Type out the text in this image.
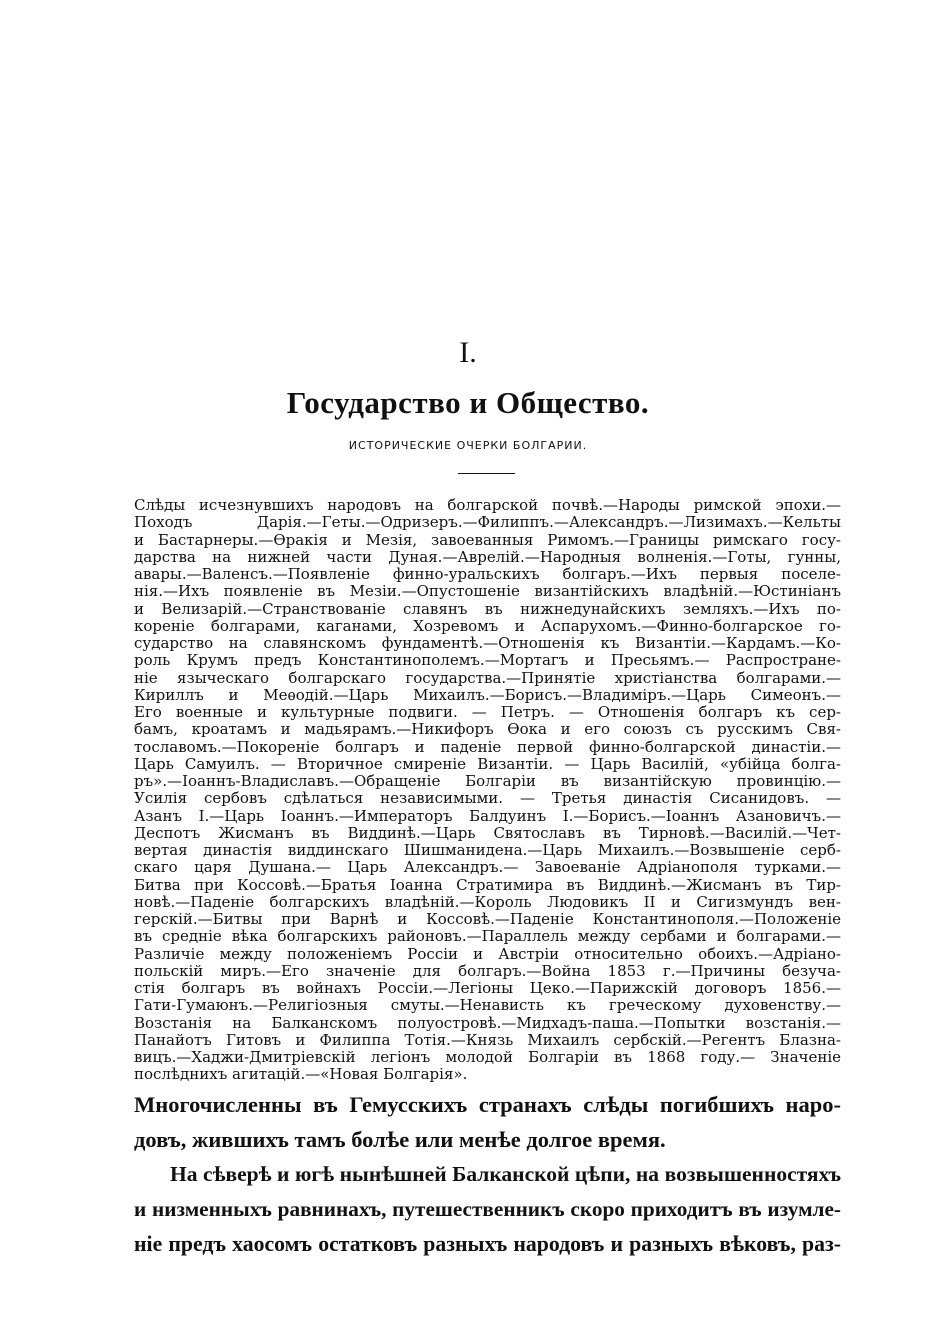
I.
Государство и Общество.
ИСТОРИЧЕСКИЕ ОЧЕРКИ БОЛГАРИИ.
Слѣды исчезнувшихъ народовъ на болгарской почвѣ.—Народы римской эпохи.—
Походъ Дарія.—Геты.—Одризеръ.—Филиппъ.—Александръ.—Лизимахъ.—Кельты
и Бастарнеры.—Ѳракія и Мезія, завоеванныя Римомъ.—Границы римскаго госу-
дарства на нижней части Дуная.—Аврелій.—Народныя волненія.—Готы, гунны,
авары.—Валенсъ.—Появленіе финно-уральскихъ болгаръ.—Ихъ первыя поселе-
нія.—Ихъ появленіе въ Мезіи.—Опустошеніе византійскихъ владѣній.—Юстиніанъ
и Велизарій.—Странствованіе славянъ въ нижнедунайскихъ земляхъ.—Ихъ по-
кореніе болгарами, каганами, Хозревомъ и Аспарухомъ.—Финно-болгарское го-
сударство на славянскомъ фундаментѣ.—Отношенія къ Византіи.—Кардамъ.—Ко-
роль Крумъ предъ Константинополемъ.—Мортагъ и Пресьямъ.— Распростране-
ніе языческаго болгарскаго государства.—Принятіе христіанства болгарами.—
Кириллъ и Меѳодій.—Царь Михаилъ.—Борисъ.—Владиміръ.—Царь Симеонъ.—
Его военные и культурные подвиги. — Петръ. — Отношенія болгаръ къ сер-
бамъ, кроатамъ и мадьярамъ.—Никифоръ Ѳока и его союзъ съ русскимъ Свя-
тославомъ.—Покореніе болгаръ и паденіе первой финно-болгарской династіи.—
Царь Самуилъ. — Вторичное смиреніе Византіи. — Царь Василій, «убійца болга-
ръ».—Іоаннъ-Владиславъ.—Обращеніе Болгаріи въ византійскую провинцію.—
Усилія сербовъ сдѣлаться независимыми. — Третья династія Сисанидовъ. —
Азанъ I.—Царь Іоаннъ.—Императоръ Балдуинъ I.—Борисъ.—Іоаннъ Азановичъ.—
Деспотъ Жисманъ въ Виддинѣ.—Царь Святославъ въ Тирновѣ.—Василій.—Чет-
вертая династія виддинскаго Шишманидена.—Царь Михаилъ.—Возвышеніе серб-
скаго царя Душана.— Царь Александръ.— Завоеваніе Адріанополя турками.—
Битва при Коссовѣ.—Братья Іоанна Стратимира въ Виддинѣ.—Жисманъ въ Тир-
новѣ.—Паденіе болгарскихъ владѣній.—Король Людовикъ II и Сигизмундъ вен-
герскій.—Битвы при Варнѣ и Коссовѣ.—Паденіе Константинополя.—Положеніе
въ средніе вѣка болгарскихъ районовъ.—Параллель между сербами и болгарами.—
Различіе между положеніемъ Россіи и Австріи относительно обоихъ.—Адріано-
польскій миръ.—Его значеніе для болгаръ.—Война 1853 г.—Причины безуча-
стія болгаръ въ войнахъ Россіи.—Легіоны Цеко.—Парижскій договоръ 1856.—
Гати-Гумаюнъ.—Религіозныя смуты.—Ненависть къ греческому духовенству.—
Возстанія на Балканскомъ полуостровѣ.—Мидхадъ-паша.—Попытки возстанія.—
Панайотъ Гитовъ и Филиппа Тотія.—Князь Михаилъ сербскій.—Регентъ Блазна-
вицъ.—Хаджи-Дмитріевскій легіонъ молодой Болгаріи въ 1868 году.— Значеніе
послѣднихъ агитацій.—«Новая Болгарія».
Многочисленны въ Гемусскихъ странахъ слѣды погибшихъ наро-
довъ, жившихъ тамъ болѣе или менѣе долгое время.
На сѣверѣ и югѣ нынѣшней Балканской цѣпи, на возвышенностяхъ
и низменныхъ равнинахъ, путешественникъ скоро приходитъ въ изумле-
ніе предъ хаосомъ остатковъ разныхъ народовъ и разныхъ вѣковъ, раз-
